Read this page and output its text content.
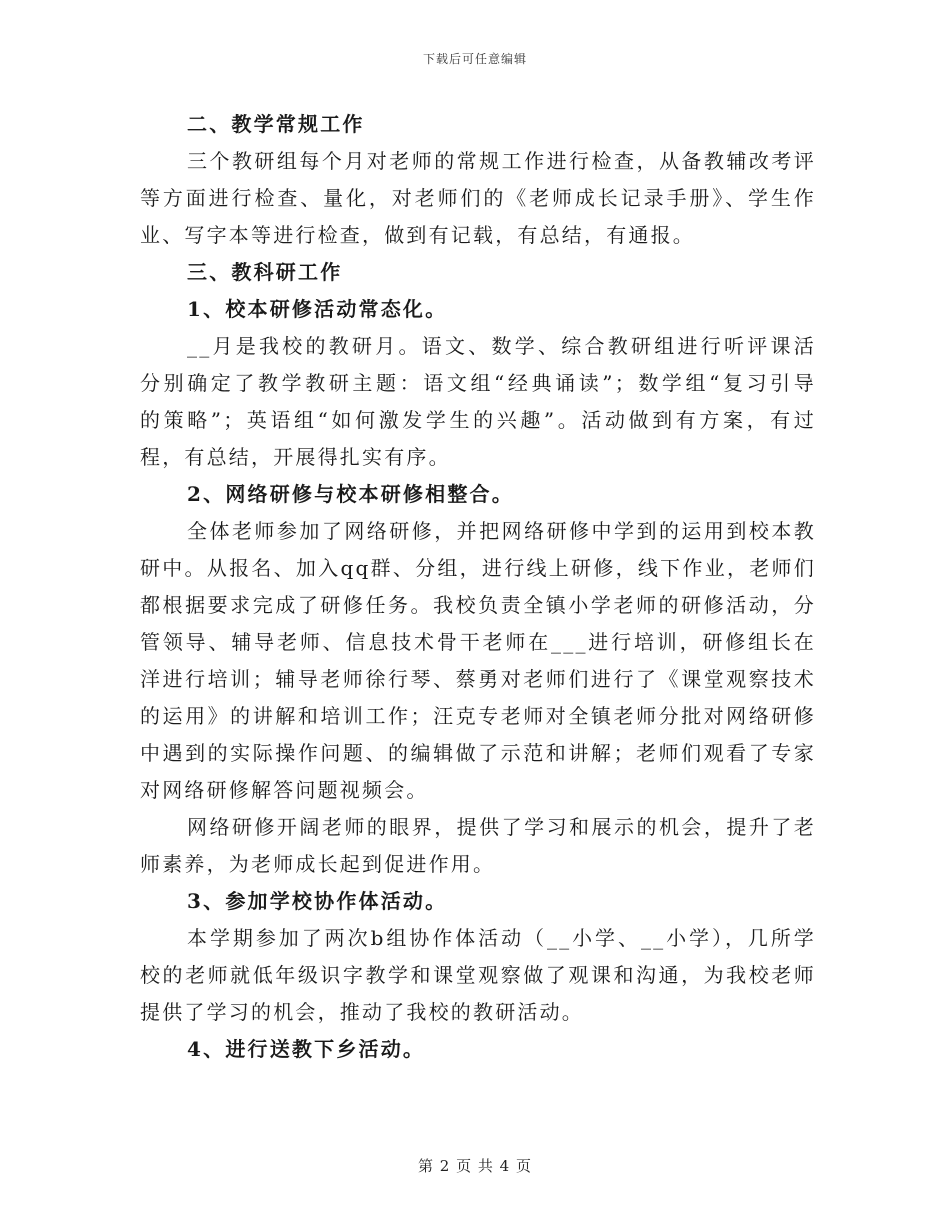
下载后可任意编辑
二、教学常规工作
三个教研组每个月对老师的常规工作进行检查，从备教辅改考评
等方面进行检查、量化，对老师们的《老师成长记录手册》、学生作
业、写字本等进行检查，做到有记载，有总结，有通报。
三、教科研工作
1、校本研修活动常态化。
__月是我校的教研月。语文、数学、综合教研组进行听评课活
分别确定了教学教研主题：语文组“经典诵读”；数学组“复习引导
的策略”；英语组“如何激发学生的兴趣”。活动做到有方案，有过
程，有总结，开展得扎实有序。
2、网络研修与校本研修相整合。
全体老师参加了网络研修，并把网络研修中学到的运用到校本教
研中。从报名、加入qq群、分组，进行线上研修，线下作业，老师们
都根据要求完成了研修任务。我校负责全镇小学老师的研修活动，分
管领导、辅导老师、信息技术骨干老师在___进行培训，研修组长在
洋进行培训；辅导老师徐行琴、蔡勇对老师们进行了《课堂观察技术
的运用》的讲解和培训工作；汪克专老师对全镇老师分批对网络研修
中遇到的实际操作问题、的编辑做了示范和讲解；老师们观看了专家
对网络研修解答问题视频会。
网络研修开阔老师的眼界，提供了学习和展示的机会，提升了老
师素养，为老师成长起到促进作用。
3、参加学校协作体活动。
本学期参加了两次b组协作体活动（__小学、__小学），几所学
校的老师就低年级识字教学和课堂观察做了观课和沟通，为我校老师
提供了学习的机会，推动了我校的教研活动。
4、进行送教下乡活动。
第 2 页 共 4 页
